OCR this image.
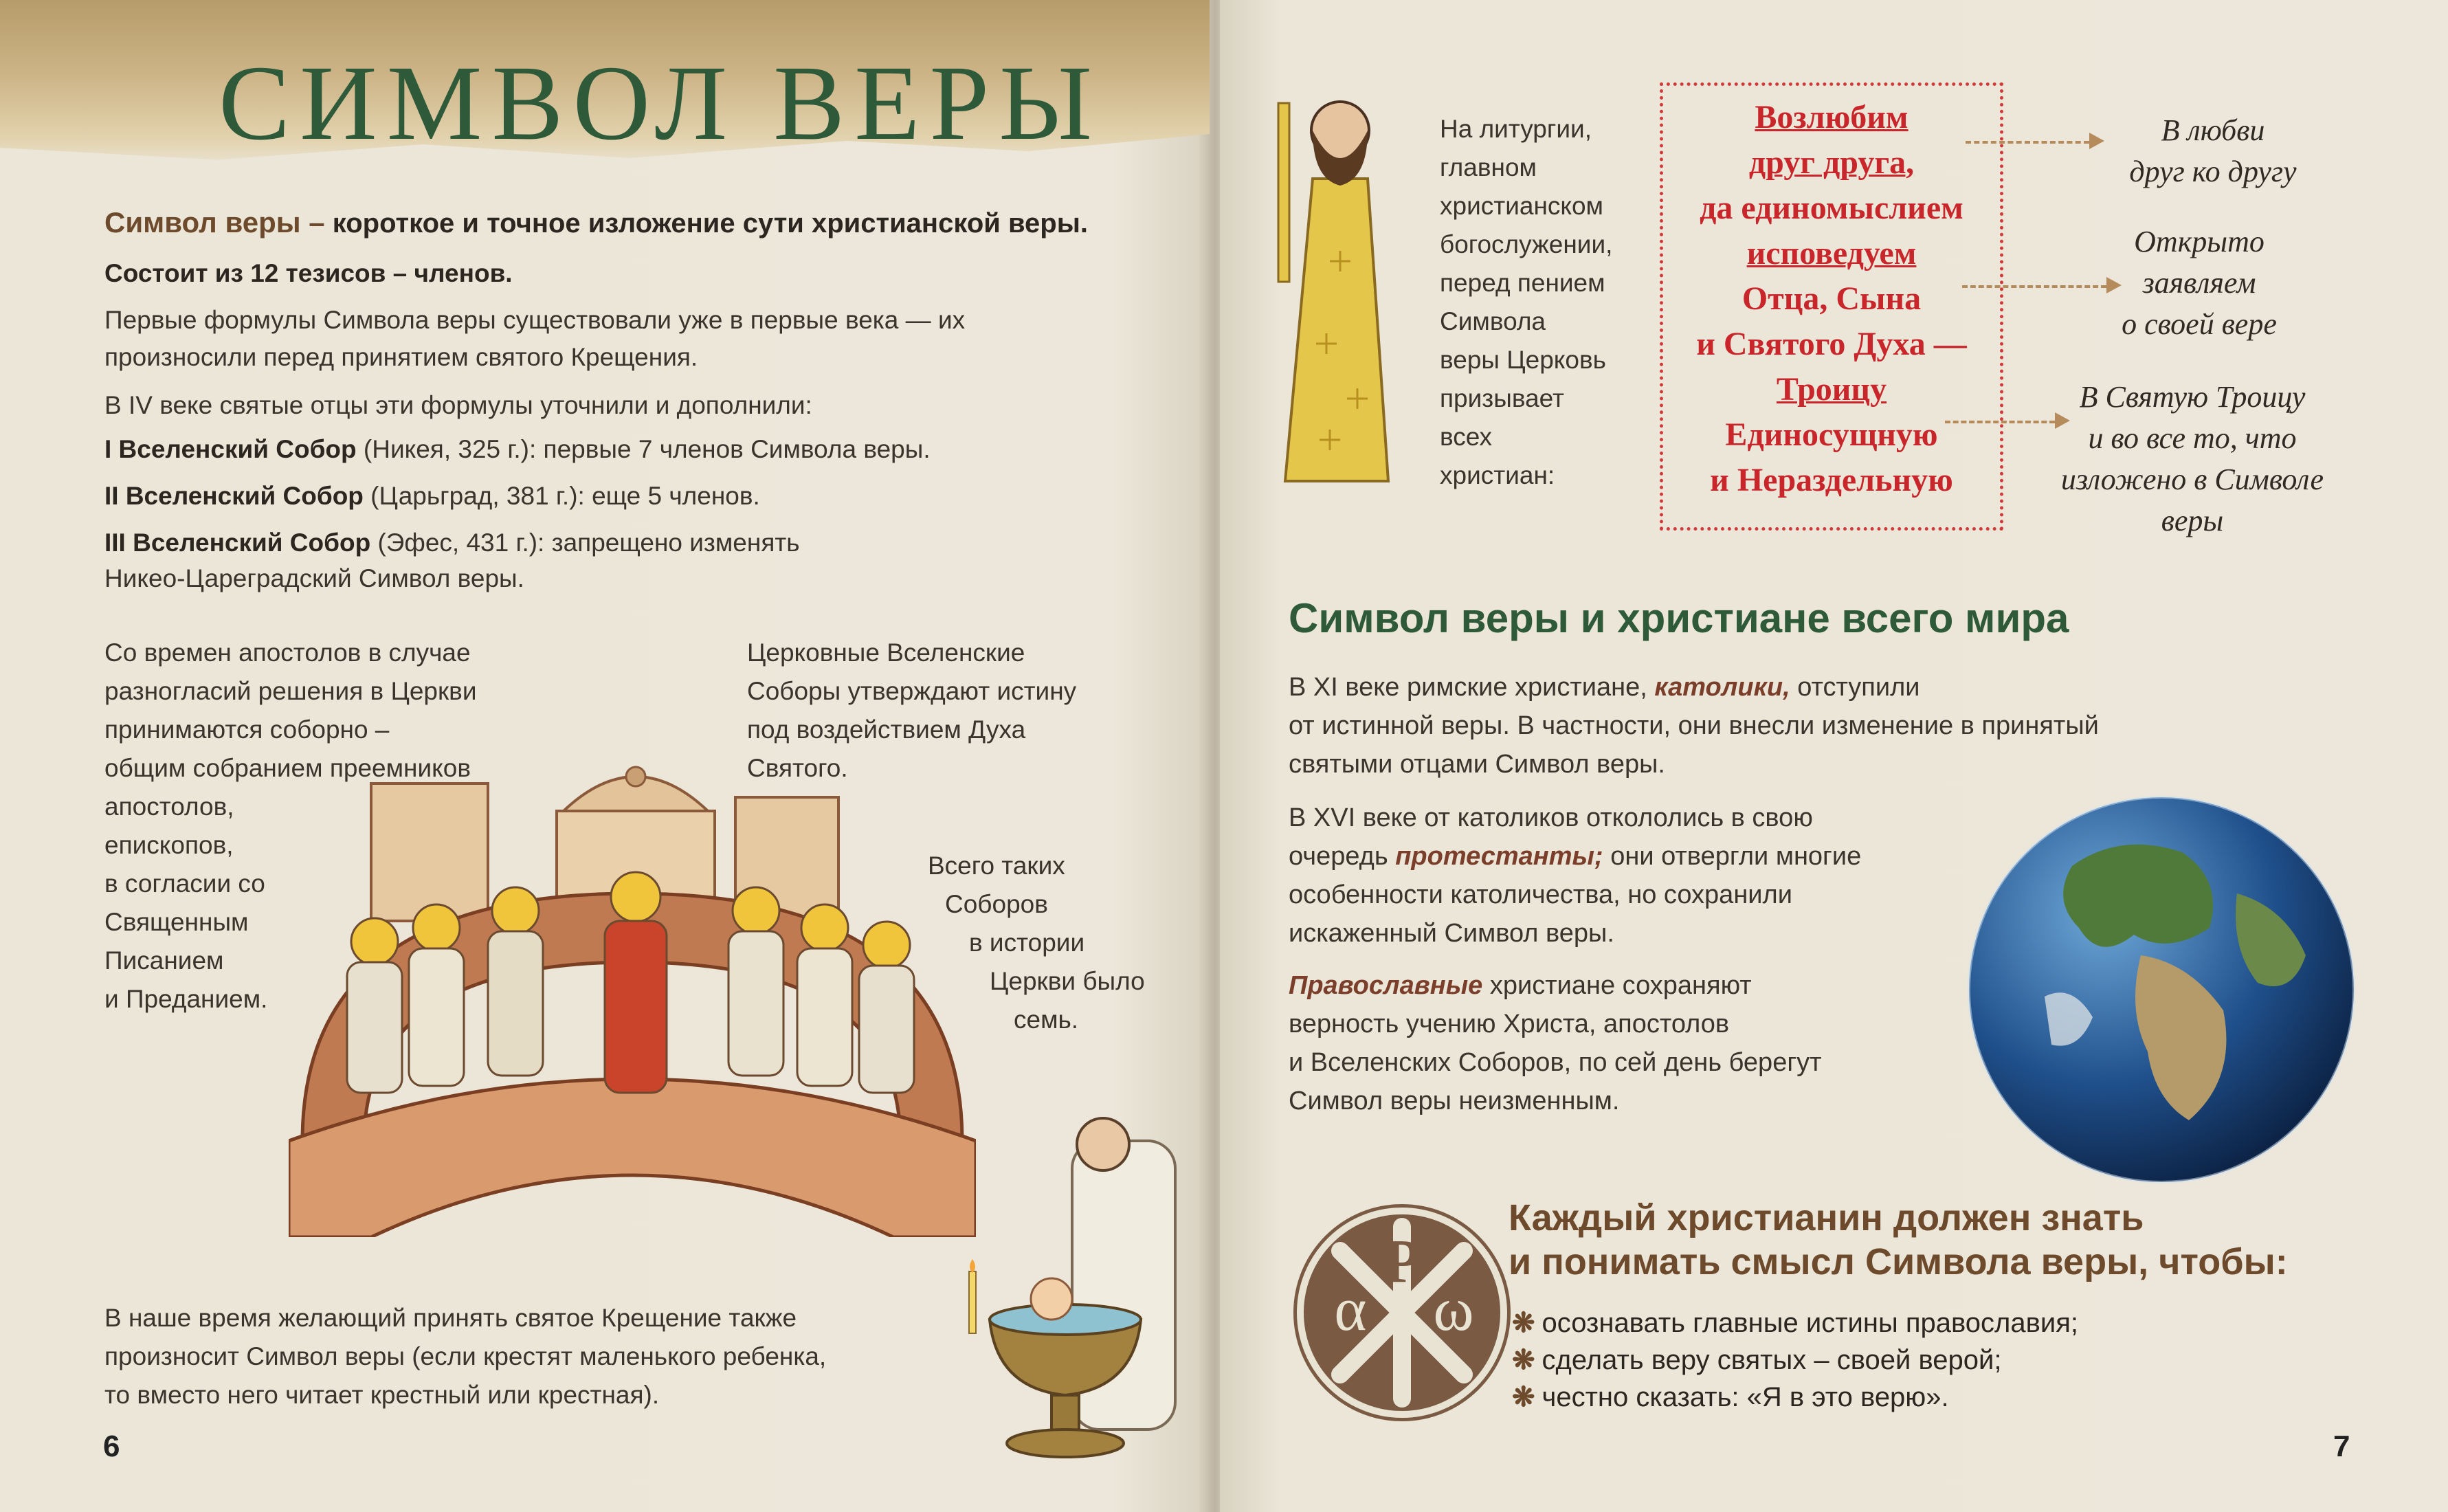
СИМВОЛ ВЕРЫ
Символ веры – короткое и точное изложение сути христианской веры.
Состоит из 12 тезисов – членов.
Первые формулы Символа веры существовали уже в первые века — их
произносили перед принятием святого Крещения.
В IV веке святые отцы эти формулы уточнили и дополнили:
I Вселенский Собор (Никея, 325 г.): первые 7 членов Символа веры.
II Вселенский Собор (Царьград, 381 г.): еще 5 членов.
III Вселенский Собор (Эфес, 431 г.): запрещено изменять
Никео-Цареградский Символ веры.
Со времен апостолов в случае
разногласий решения в Церкви
принимаются соборно –
общим собранием преемников
апостолов,
епископов,
в согласии со
Священным
Писанием
и Преданием.
Церковные Вселенские
Соборы утверждают истину
под воздействием Духа
Святого.
Всего таких
Соборов
в истории
Церкви было
семь.
В наше время желающий принять святое Крещение также
произносит Символ веры (если крестят маленького ребенка,
то вместо него читает крестный или крестная).
6
На литургии,
главном
христианском
богослужении,
перед пением
Символа
веры Церковь
призывает
всех
христиан:
Возлюбим
друг друга,
да единомыслием
исповедуем
Отца, Сына
и Святого Духа —
Троицу
Единосущную
и Нераздельную
В любви
друг ко другу
Открыто
заявляем
о своей вере
В Святую Троицу
и во все то, что
изложено в Символе
веры
Символ веры и христиане всего мира
В XI веке римские христиане, католики, отступили
от истинной веры. В частности, они внесли изменение в принятый
святыми отцами Символ веры.
В XVI веке от католиков откололись в свою
очередь протестанты; они отвергли многие
особенности католичества, но сохранили
искаженный Символ веры.
Православные христиане сохраняют
верность учению Христа, апостолов
и Вселенских Соборов, по сей день берегут
Символ веры неизменным.
P
α ω
Каждый христианин должен знать
и понимать смысл Символа веры, чтобы:
❋ осознавать главные истины православия;
❋ сделать веру святых – своей верой;
❋ честно сказать: «Я в это верю».
7
